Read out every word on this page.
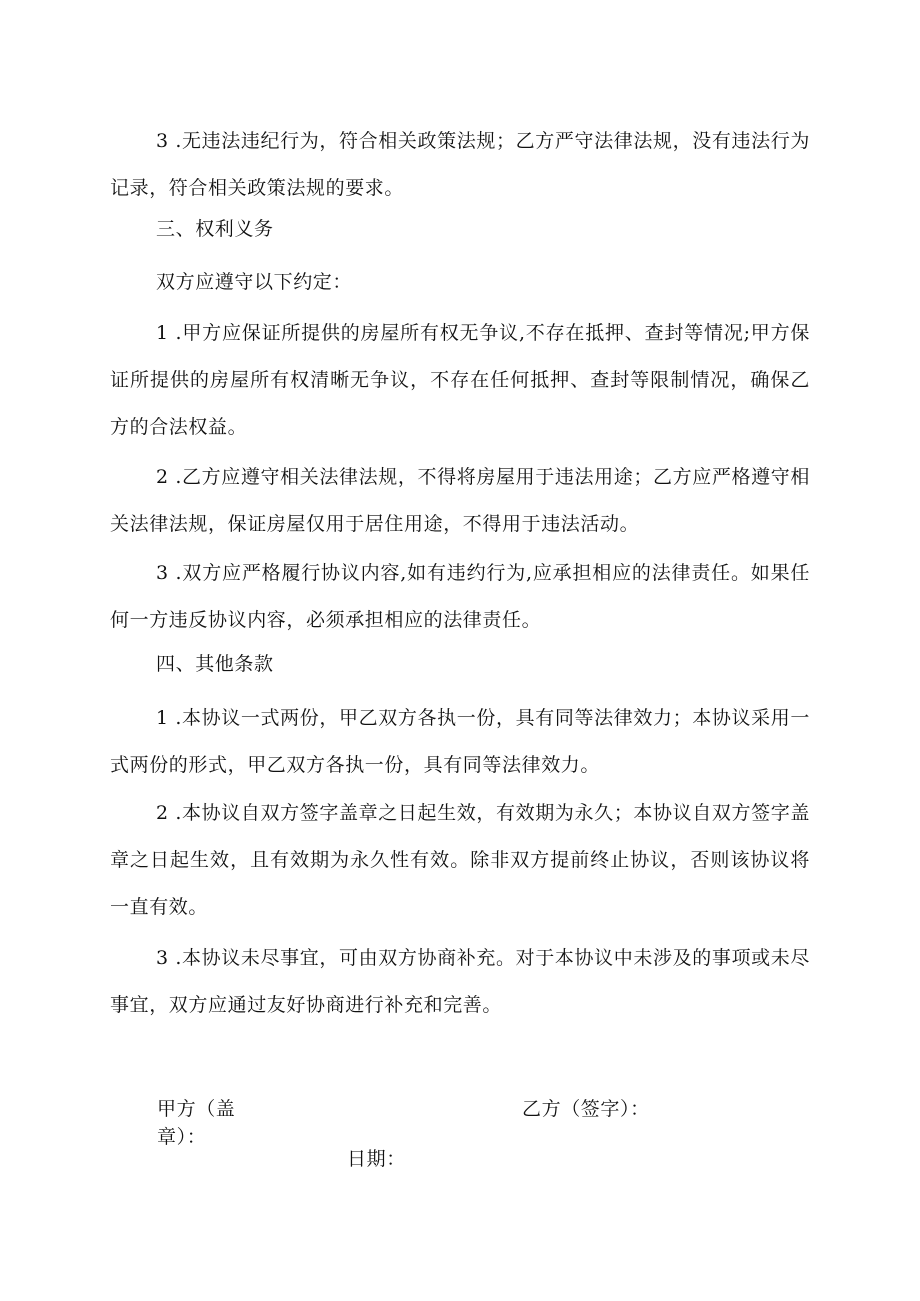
3 .无违法违纪行为，符合相关政策法规；乙方严守法律法规，没有违法行为记录，符合相关政策法规的要求。

三、权利义务

双方应遵守以下约定：

1 .甲方应保证所提供的房屋所有权无争议,不存在抵押、查封等情况;甲方保证所提供的房屋所有权清晰无争议，不存在任何抵押、查封等限制情况，确保乙方的合法权益。

2 .乙方应遵守相关法律法规，不得将房屋用于违法用途；乙方应严格遵守相关法律法规，保证房屋仅用于居住用途，不得用于违法活动。

3 .双方应严格履行协议内容,如有违约行为,应承担相应的法律责任。如果任何一方违反协议内容，必须承担相应的法律责任。

四、其他条款

1 .本协议一式两份，甲乙双方各执一份，具有同等法律效力；本协议采用一式两份的形式，甲乙双方各执一份，具有同等法律效力。

2 .本协议自双方签字盖章之日起生效，有效期为永久；本协议自双方签字盖章之日起生效，且有效期为永久性有效。除非双方提前终止协议，否则该协议将一直有效。

3 .本协议未尽事宜，可由双方协商补充。对于本协议中未涉及的事项或未尽事宜，双方应通过友好协商进行补充和完善。

甲方（盖
章）：
乙方（签字）：
日期：
